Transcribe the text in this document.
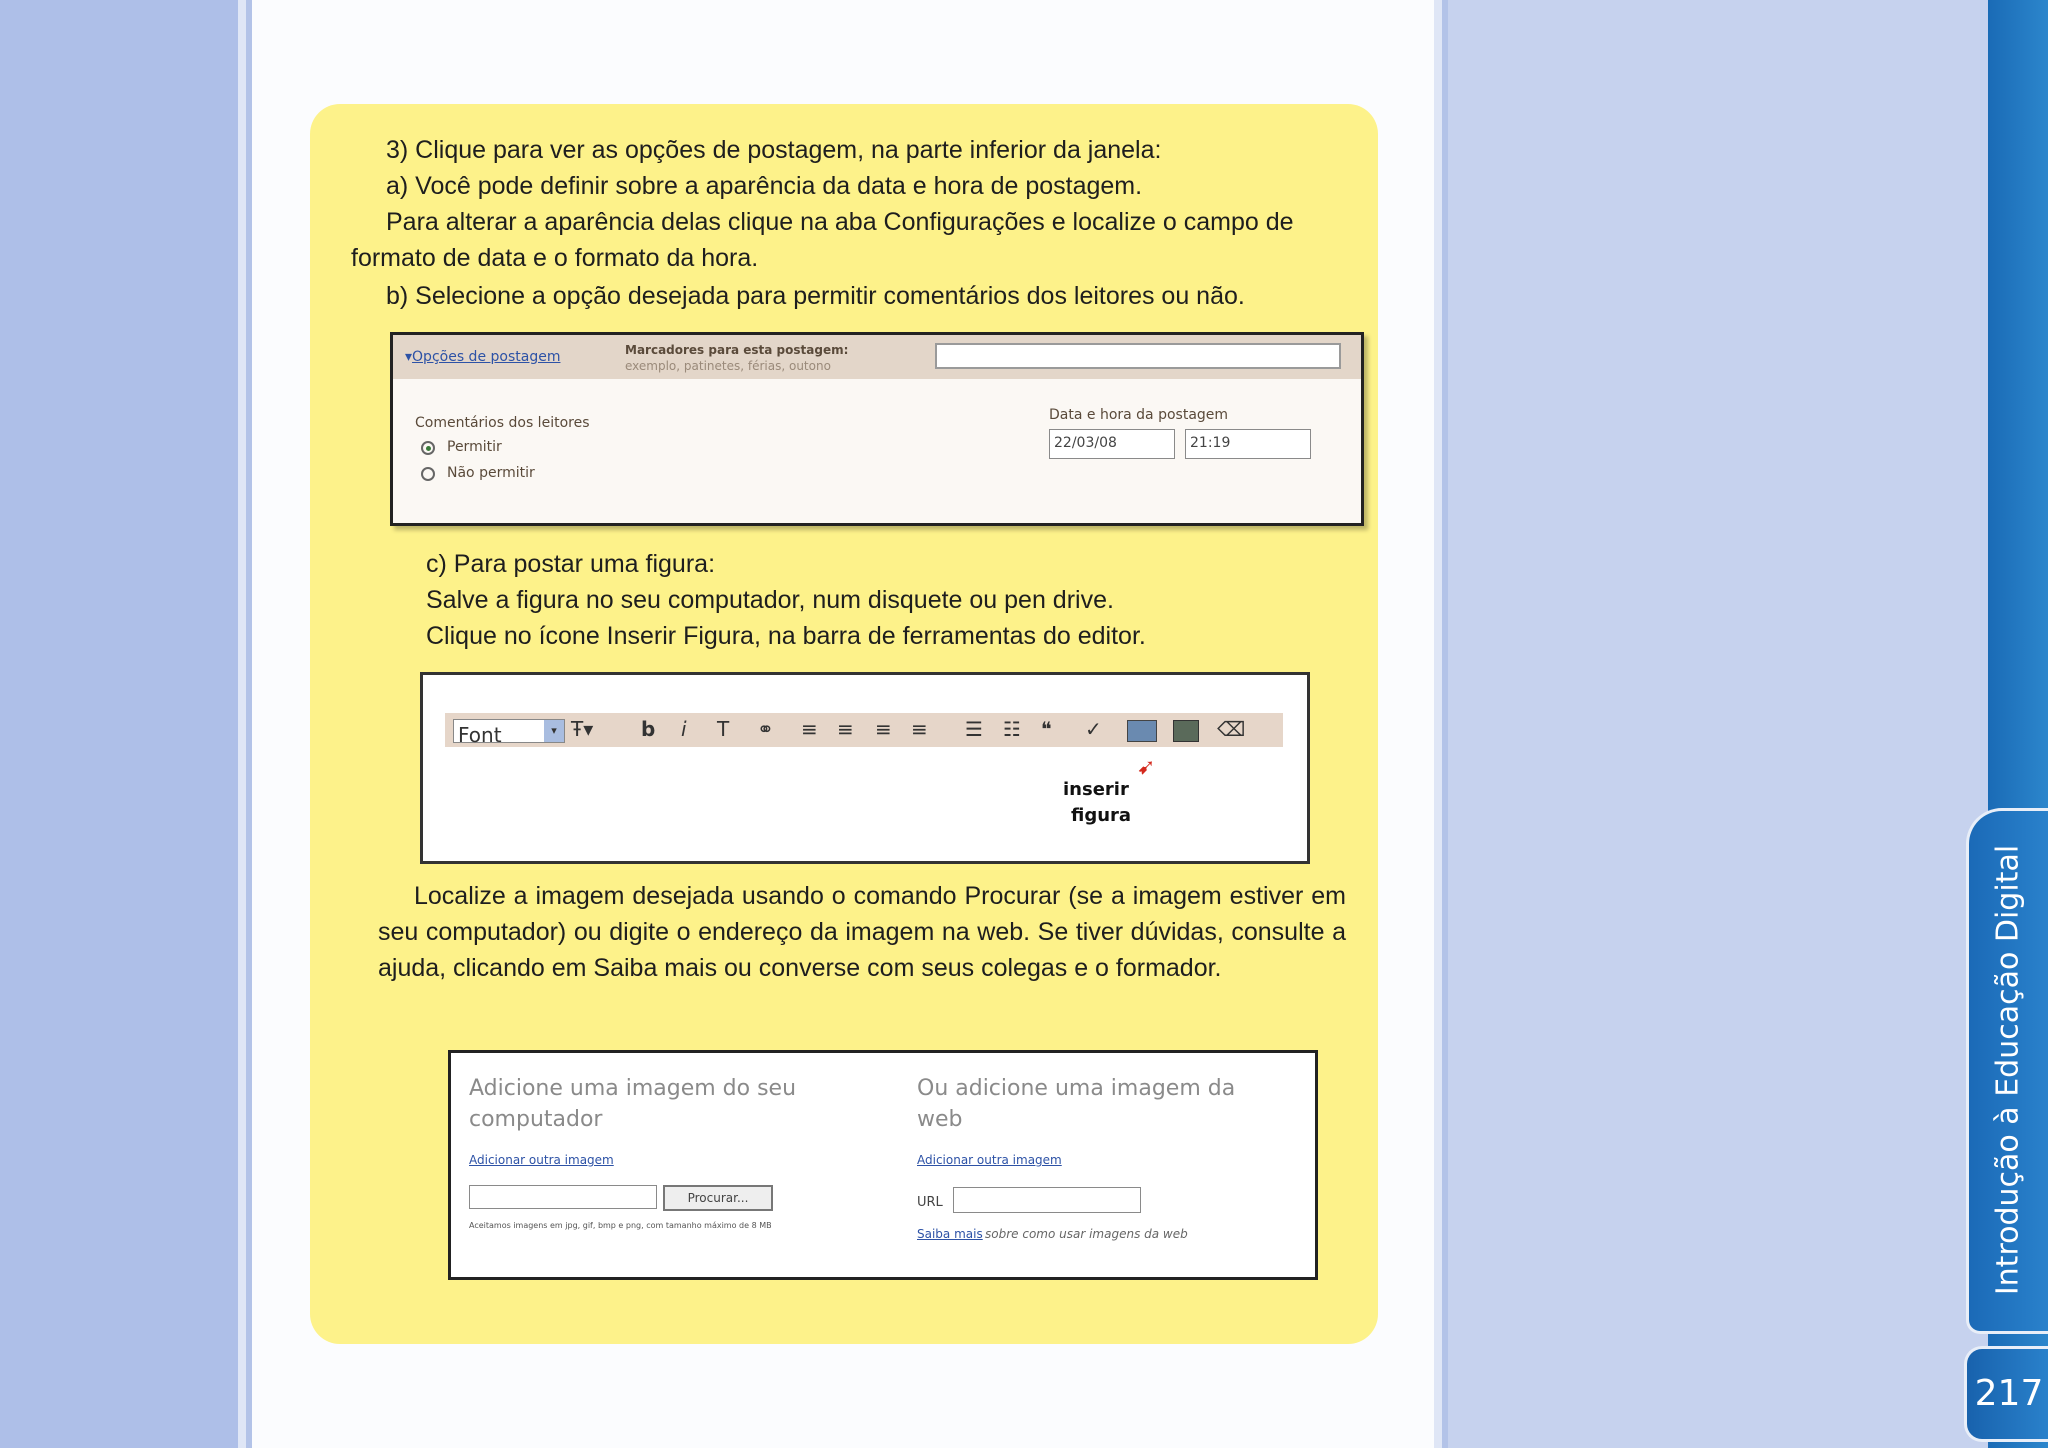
3) Clique para ver as opções de postagem, na parte inferior da janela:

a) Você pode definir sobre a aparência da data e hora de postagem.

Para alterar a aparência delas clique na aba Configurações e localize o campo de

formato de data e o formato da hora.

b) Selecione a opção desejada para permitir comentários dos leitores ou não.

▾Opções de postagem	Marcadores para esta postagem:
exemplo, patinetes, férias, outono
Comentários dos leitores
Permitir
Não permitir
Data e hora da postagem
22/03/08	21:19

c) Para postar uma figura:

Salve a figura no seu computador, num disquete ou pen drive.

Clique no ícone Inserir Figura, na barra de ferramentas do editor.

Font	▾ Ŧ▾ b i T ⚭ ≡ ≡ ≡ ≡ ☰ ☷ ❝ ✓	⌫
➹
inserir
figura

Localize a imagem desejada usando o comando Procurar (se a imagem estiver em seu computador) ou digite o endereço da imagem na web. Se tiver dúvidas, consulte a ajuda, clicando em Saiba mais ou converse com seus colegas e o formador.

Adicione uma imagem do seu
computador
Adicionar outra imagem
Procurar...
Aceitamos imagens em jpg, gif, bmp e png, com tamanho máximo de 8 MB
Ou adicione uma imagem da
web
Adicionar outra imagem
URL
Saiba mais sobre como usar imagens da web	Introdução à Educação Digital
217
